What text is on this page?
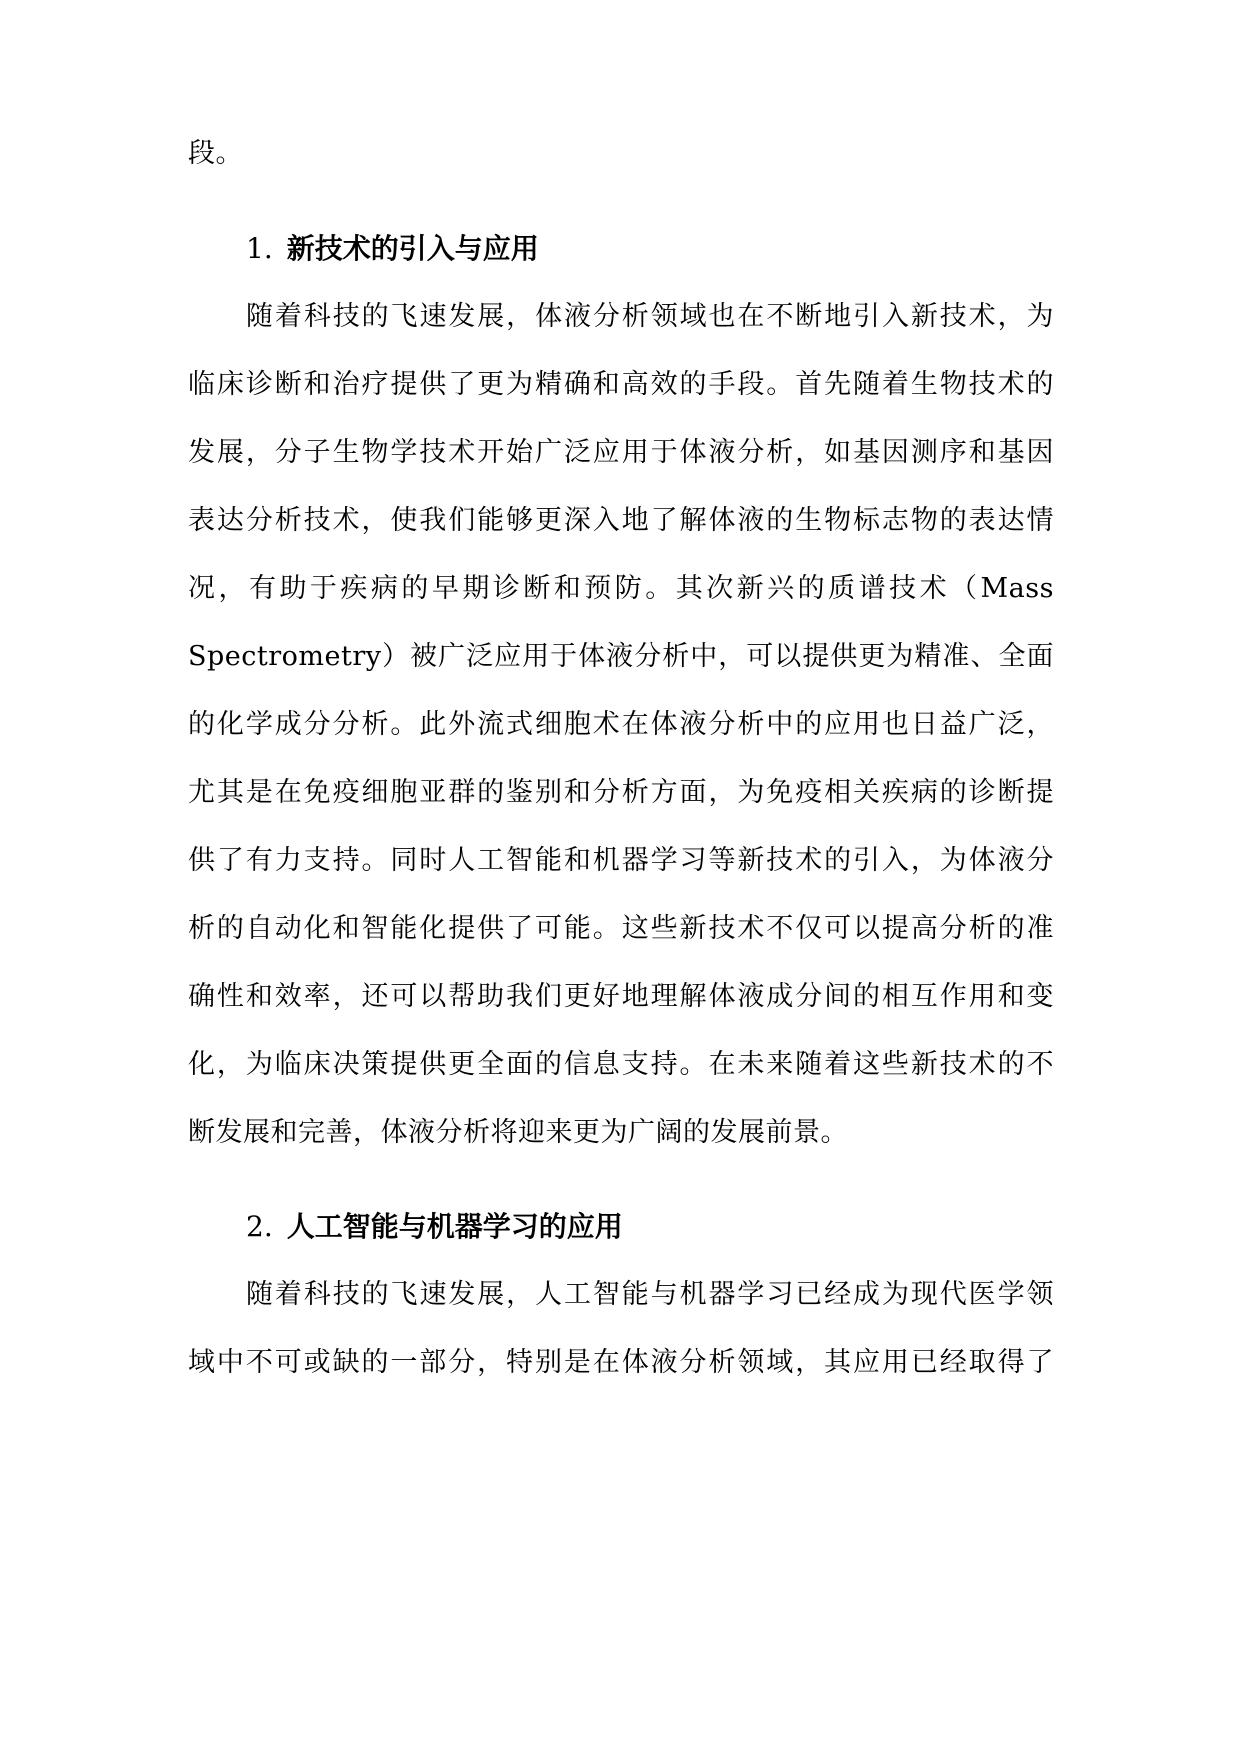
段。
1. 新技术的引入与应用
随着科技的飞速发展，体液分析领域也在不断地引入新技术，为
临床诊断和治疗提供了更为精确和高效的手段。首先随着生物技术的
发展，分子生物学技术开始广泛应用于体液分析，如基因测序和基因
表达分析技术，使我们能够更深入地了解体液的生物标志物的表达情
况，有助于疾病的早期诊断和预防。其次新兴的质谱技术（Mass
Spectrometry）被广泛应用于体液分析中，可以提供更为精准、全面
的化学成分分析。此外流式细胞术在体液分析中的应用也日益广泛，
尤其是在免疫细胞亚群的鉴别和分析方面，为免疫相关疾病的诊断提
供了有力支持。同时人工智能和机器学习等新技术的引入，为体液分
析的自动化和智能化提供了可能。这些新技术不仅可以提高分析的准
确性和效率，还可以帮助我们更好地理解体液成分间的相互作用和变
化，为临床决策提供更全面的信息支持。在未来随着这些新技术的不
断发展和完善，体液分析将迎来更为广阔的发展前景。
2. 人工智能与机器学习的应用
随着科技的飞速发展，人工智能与机器学习已经成为现代医学领
域中不可或缺的一部分，特别是在体液分析领域，其应用已经取得了
